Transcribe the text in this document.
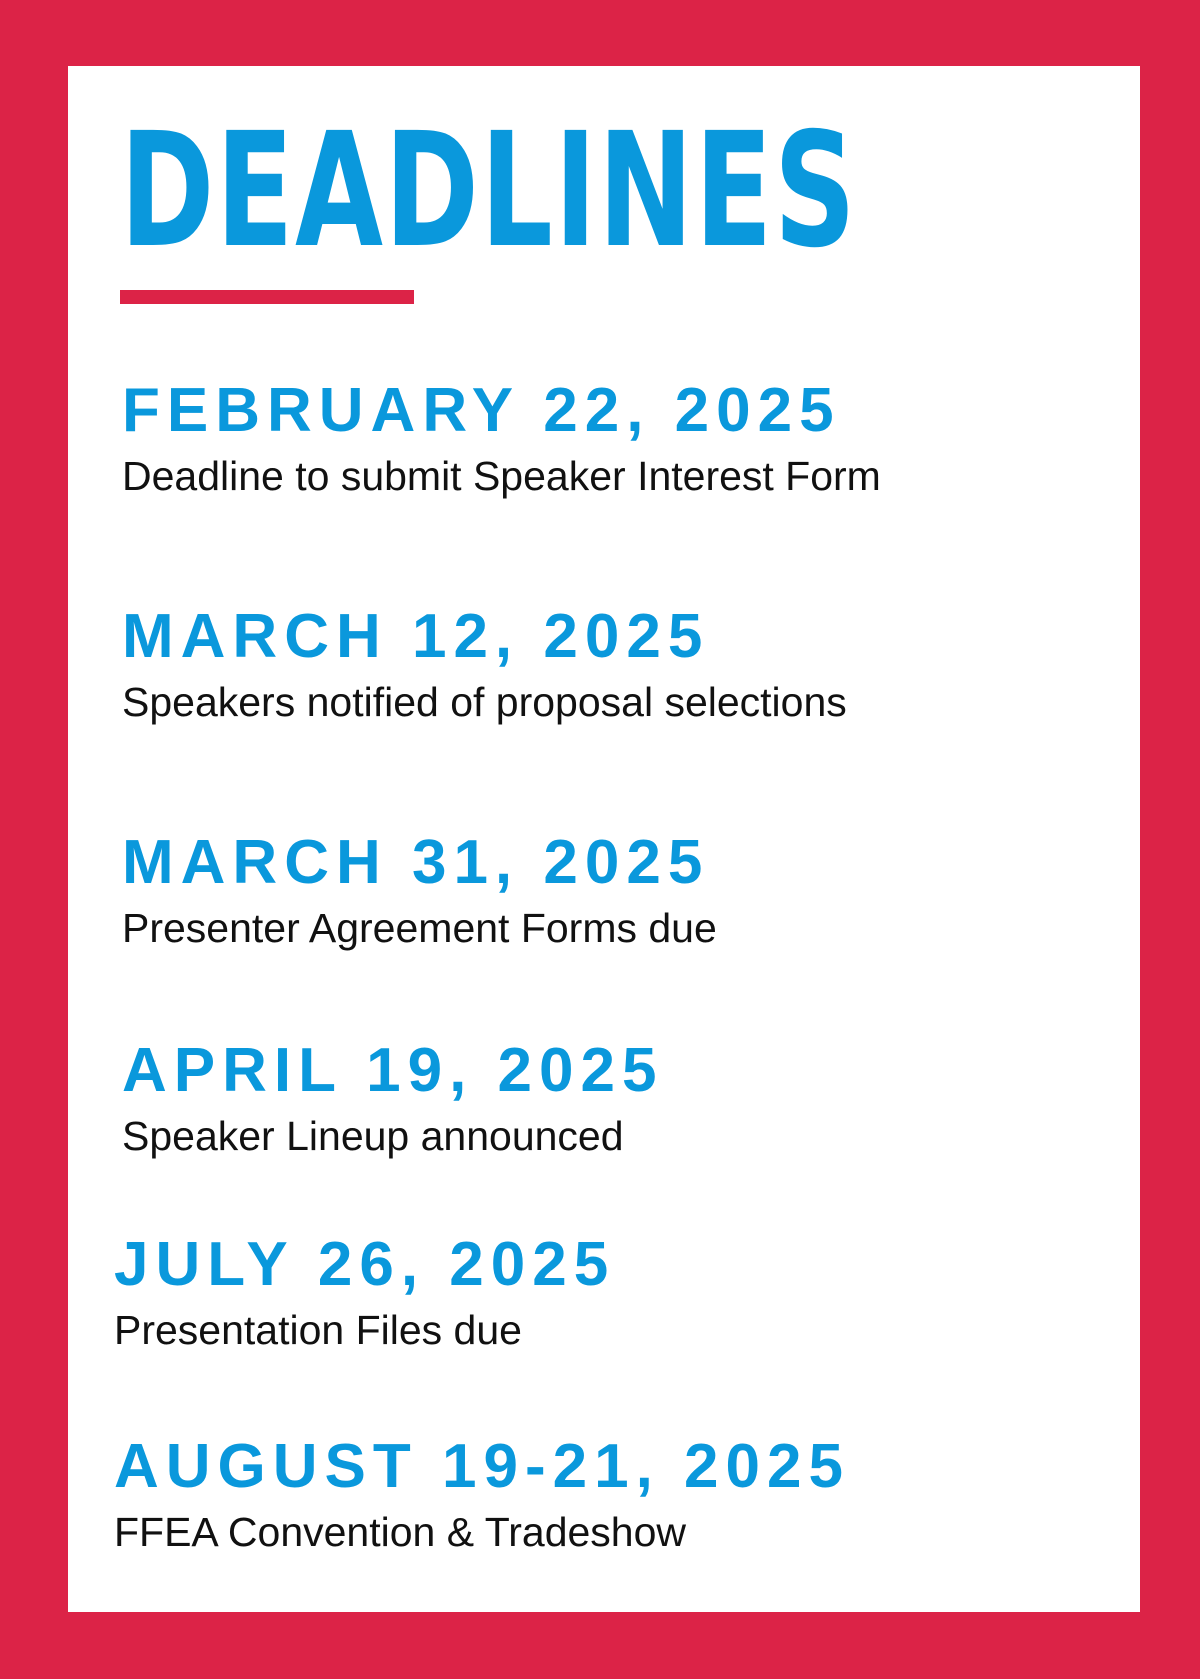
DEADLINES
FEBRUARY 22, 2025
Deadline to submit Speaker Interest Form
MARCH 12, 2025
Speakers notified of proposal selections
MARCH 31, 2025
Presenter Agreement Forms due
APRIL 19, 2025
Speaker Lineup announced
JULY 26, 2025
Presentation Files due
AUGUST 19-21, 2025
FFEA Convention & Tradeshow
